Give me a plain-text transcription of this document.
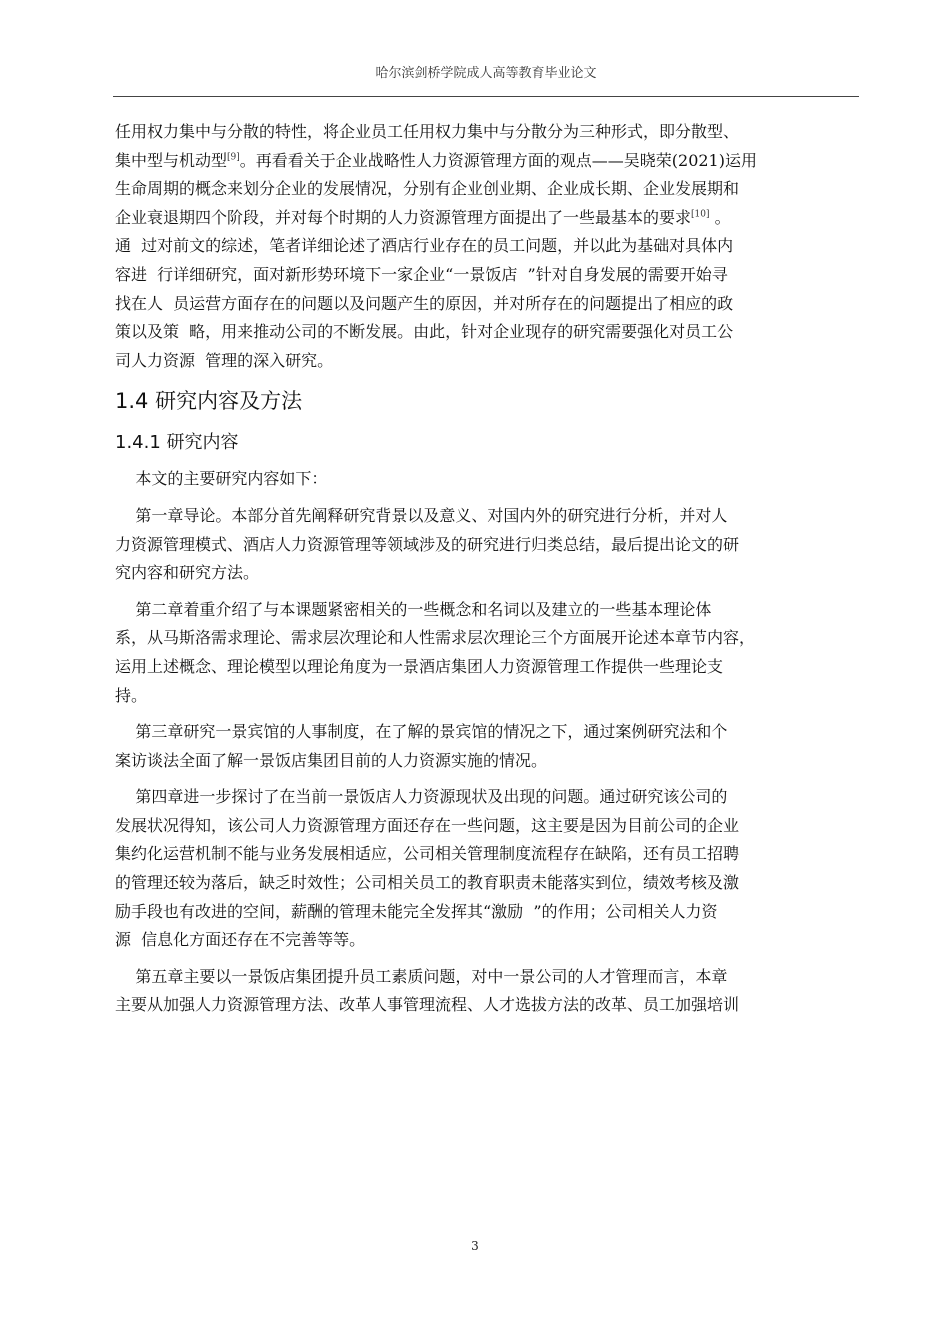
哈尔滨剑桥学院成人高等教育毕业论文
任用权力集中与分散的特性，将企业员工任用权力集中与分散分为三种形式，即分散型、
集中型与机动型[9]。再看看关于企业战略性人力资源管理方面的观点——吴晓荣(2021)运用
生命周期的概念来划分企业的发展情况，分别有企业创业期、企业成长期、企业发展期和
企业衰退期四个阶段，并对每个时期的人力资源管理方面提出了一些最基本的要求[10] 。
通  过对前文的综述，笔者详细论述了酒店行业存在的员工问题，并以此为基础对具体内
容进  行详细研究，面对新形势环境下一家企业“一景饭店  ”针对自身发展的需要开始寻
找在人  员运营方面存在的问题以及问题产生的原因，并对所存在的问题提出了相应的政
策以及策  略，用来推动公司的不断发展。由此，针对企业现存的研究需要强化对员工公
司人力资源  管理的深入研究。
1.4 研究内容及方法
1.4.1 研究内容
本文的主要研究内容如下：
第一章导论。本部分首先阐释研究背景以及意义、对国内外的研究进行分析，并对人
力资源管理模式、酒店人力资源管理等领域涉及的研究进行归类总结，最后提出论文的研
究内容和研究方法。
第二章着重介绍了与本课题紧密相关的一些概念和名词以及建立的一些基本理论体
系，从马斯洛需求理论、需求层次理论和人性需求层次理论三个方面展开论述本章节内容，
运用上述概念、理论模型以理论角度为一景酒店集团人力资源管理工作提供一些理论支
持。
第三章研究一景宾馆的人事制度，在了解的景宾馆的情况之下，通过案例研究法和个
案访谈法全面了解一景饭店集团目前的人力资源实施的情况。
第四章进一步探讨了在当前一景饭店人力资源现状及出现的问题。通过研究该公司的
发展状况得知，该公司人力资源管理方面还存在一些问题，这主要是因为目前公司的企业
集约化运营机制不能与业务发展相适应，公司相关管理制度流程存在缺陷，还有员工招聘
的管理还较为落后，缺乏时效性；公司相关员工的教育职责未能落实到位，绩效考核及激
励手段也有改进的空间，薪酬的管理未能完全发挥其“激励  ”的作用；公司相关人力资
源  信息化方面还存在不完善等等。
第五章主要以一景饭店集团提升员工素质问题，对中一景公司的人才管理而言，本章
主要从加强人力资源管理方法、改革人事管理流程、人才选拔方法的改革、员工加强培训
3
